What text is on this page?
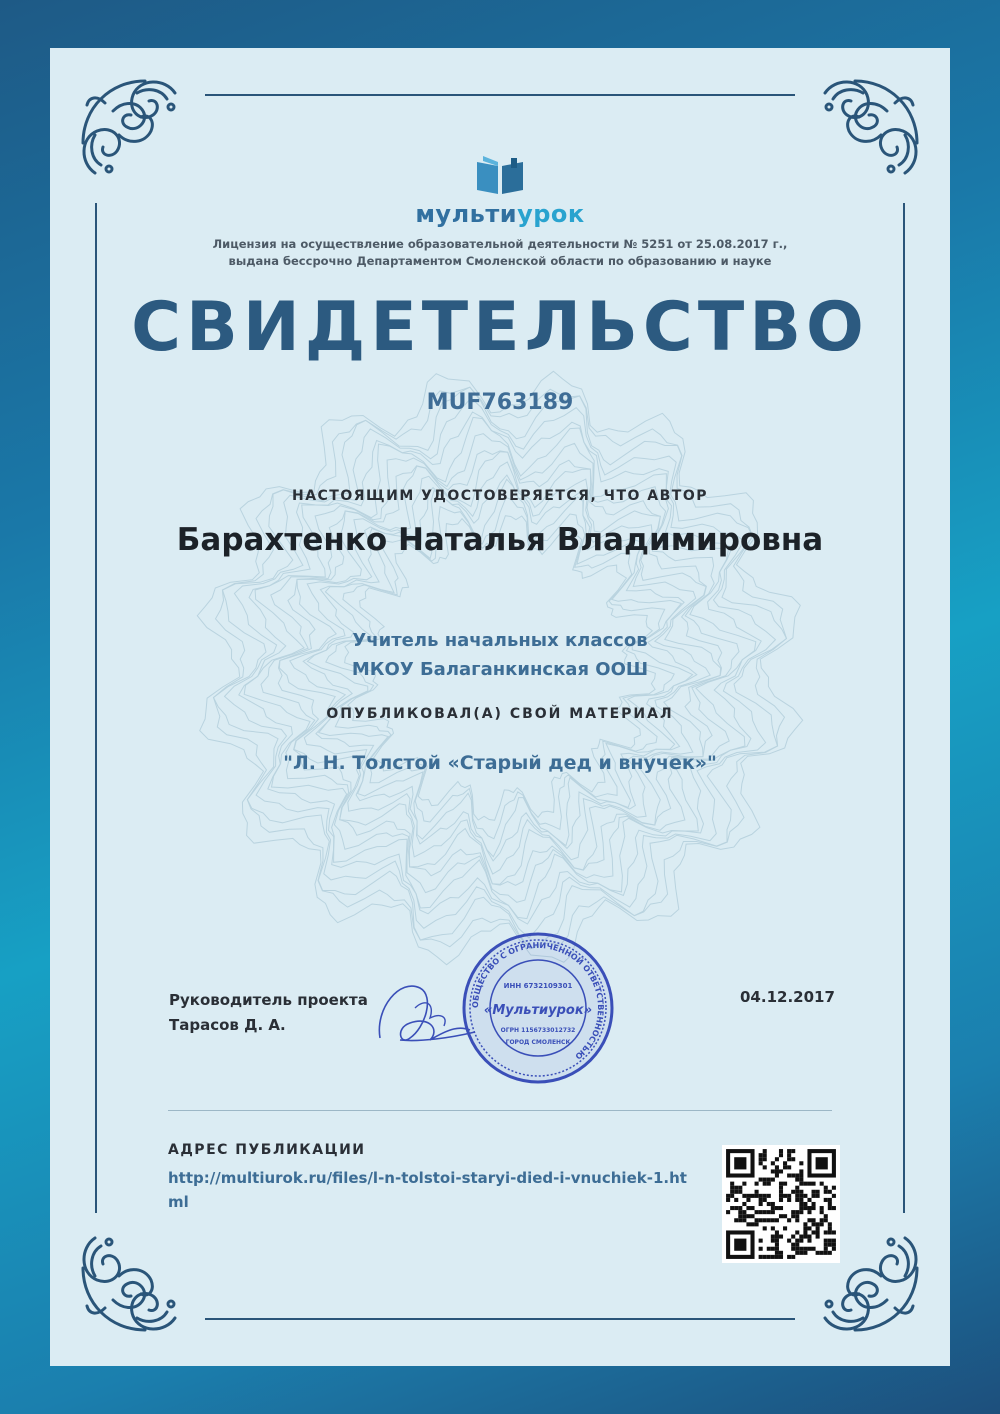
мультиурок
Лицензия на осуществление образовательной деятельности № 5251 от 25.08.2017 г.,
выдана бессрочно Департаментом Смоленской области по образованию и науке
СВИДЕТЕЛЬСТВО
MUF763189
НАСТОЯЩИМ УДОСТОВЕРЯЕТСЯ, ЧТО АВТОР
Барахтенко Наталья Владимировна
Учитель начальных классов
МКОУ Балаганкинская ООШ
ОПУБЛИКОВАЛ(А) СВОЙ МАТЕРИАЛ
"Л. Н. Толстой «Старый дед и внучек»"
Руководитель проекта
Тарасов Д. А.
ОБЩЕСТВО С ОГРАНИЧЕННОЙ ОТВЕТСТВЕННОСТЬЮ
ИНН 6732109301
«Мультиурок»
ОГРН 1156733012732
ГОРОД СМОЛЕНСК
04.12.2017
АДРЕС ПУБЛИКАЦИИ
http://multiurok.ru/files/l-n-tolstoi-staryi-died-i-vnuchiek-1.html
